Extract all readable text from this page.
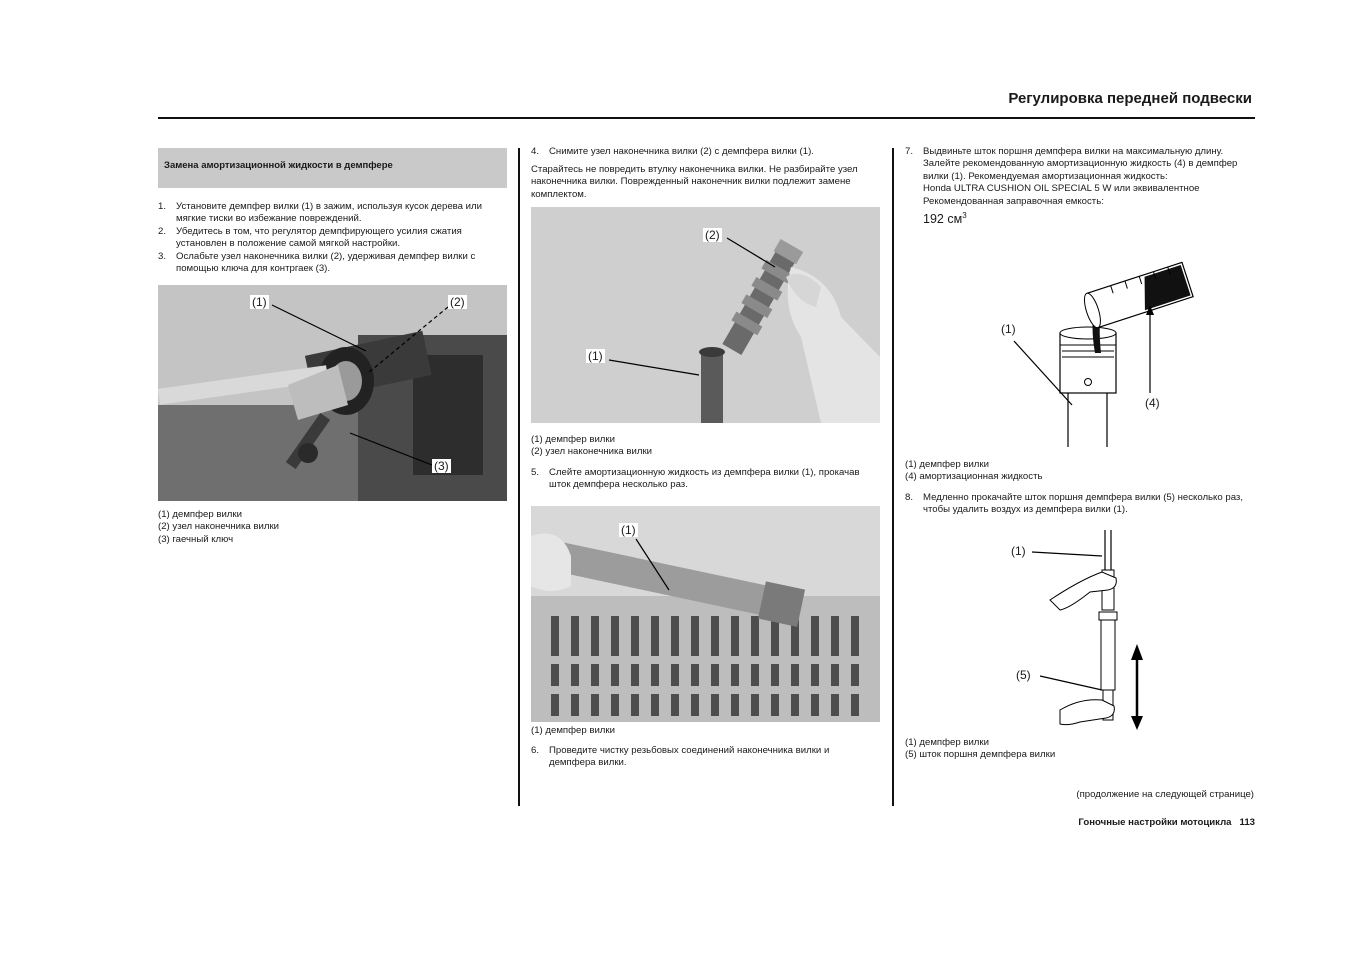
Регулировка передней подвески
Замена амортизационной жидкости в демпфере
1. Установите демпфер вилки (1) в зажим, используя кусок дерева или мягкие тиски во избежание повреждений.
2. Убедитесь в том, что регулятор демпфирующего усилия сжатия установлен в положение самой мягкой настройки.
3. Ослабьте узел наконечника вилки (2), удерживая демпфер вилки с помощью ключа для контргаек (3).
(1)	(2)
(3)
(1) демпфер вилки
(2) узел наконечника вилки
(3) гаечный ключ
4. Снимите узел наконечника вилки (2) с демпфера вилки (1).
Старайтесь не повредить втулку наконечника вилки. Не разбирайте узел наконечника вилки. Поврежденный наконечник вилки подлежит замене комплектом.
(2)
(1)
(1) демпфер вилки
(2) узел наконечника вилки
5. Слейте амортизационную жидкость из демпфера вилки (1), прокачав шток демпфера несколько раз.
(1)
(1) демпфер вилки
6. Проведите чистку резьбовых соединений наконечника вилки и демпфера вилки.
7. Выдвиньте шток поршня демпфера вилки на максимальную длину.
Залейте рекомендованную амортизационную жидкость (4) в демпфер вилки (1). Рекомендуемая амортизационная жидкость:
Honda ULTRA CUSHION OIL SPECIAL 5 W или эквивалентное
Рекомендованная заправочная емкость:
192 $см^3$
(1)
(4)
(1) демпфер вилки
(4) амортизационная жидкость
8. Медленно прокачайте шток поршня демпфера вилки (5) несколько раз, чтобы удалить воздух из демпфера вилки (1).
(1)
(5)
(1) демпфер вилки
(5) шток поршня демпфера вилки
(продолжение на следующей странице)
Гоночные настройки мотоцикла 113
